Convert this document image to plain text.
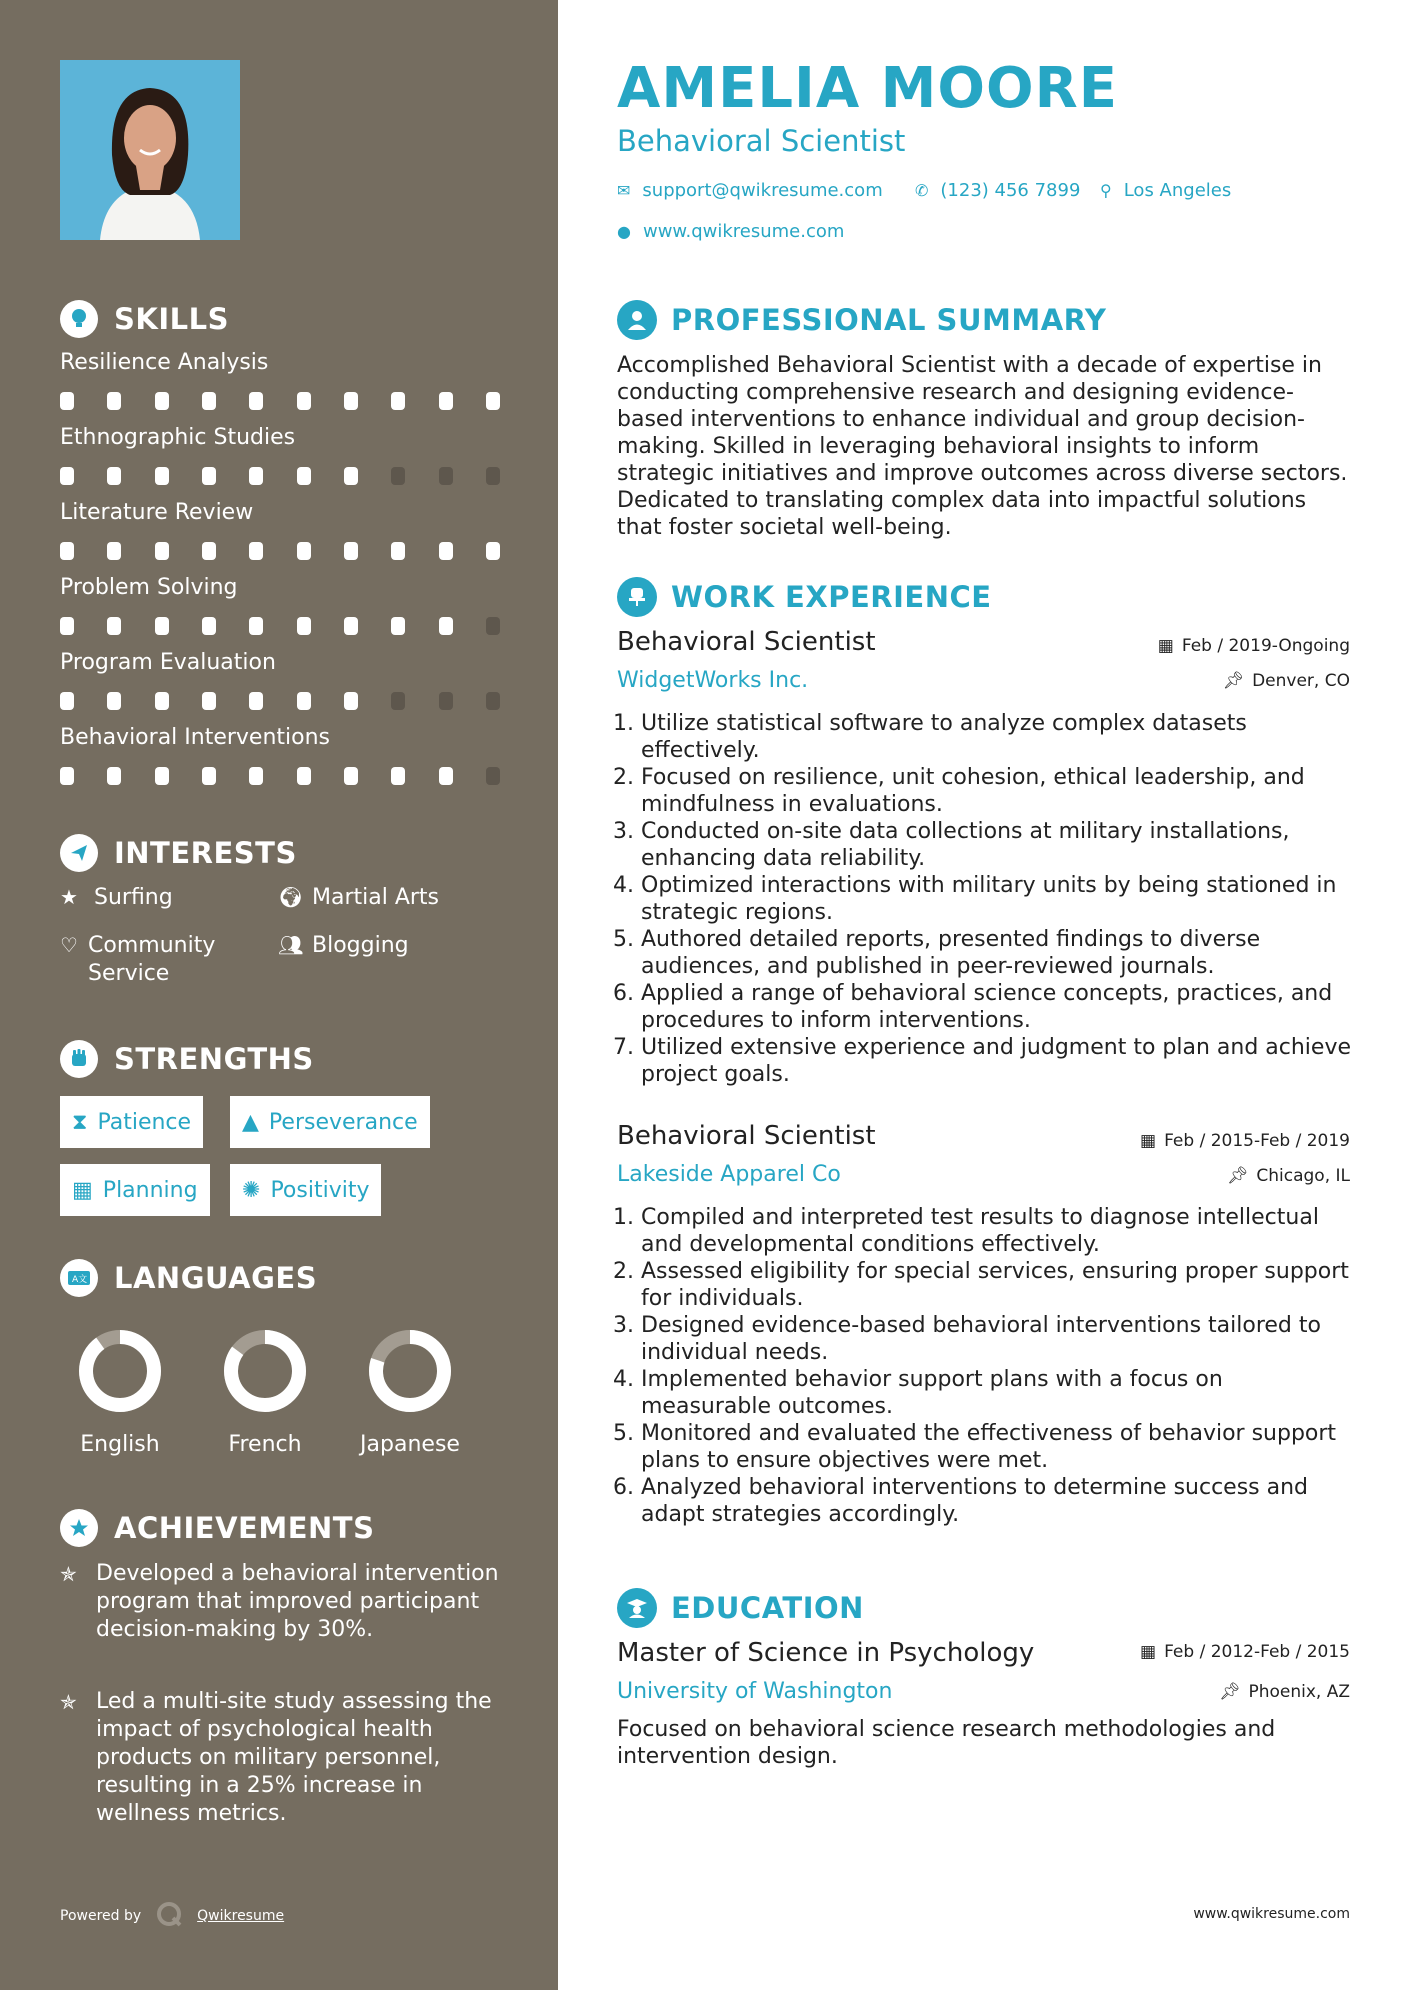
SKILLS
Resilience Analysis
Ethnographic Studies
Literature Review
Problem Solving
Program Evaluation
Behavioral Interventions
INTERESTS
★ Surfing	🌍︎ Martial Arts
♡ Community Service
👥︎ Blogging
STRENGTHS
⧗ Patience ▲ Perseverance
▦ Planning ✺ Positivity
A文 LANGUAGES
English	French	Japanese
ACHIEVEMENTS
✯ Developed a behavioral intervention program that improved participant decision-making by 30%.
✯ Led a multi-site study assessing the impact of psychological health products on military personnel, resulting in a 25% increase in wellness metrics.
Powered by	Qwikresume
AMELIA MOORE
Behavioral Scientist
✉ support@qwikresume.com ✆ (123) 456 7899 ⚲ Los Angeles
● www.qwikresume.com
PROFESSIONAL SUMMARY
Accomplished Behavioral Scientist with a decade of expertise in conducting comprehensive research and designing evidence-based interventions to enhance individual and group decision-making. Skilled in leveraging behavioral insights to inform strategic initiatives and improve outcomes across diverse sectors. Dedicated to translating complex data into impactful solutions that foster societal well-being.
WORK EXPERIENCE
Behavioral Scientist	▦ Feb / 2019-Ongoing
WidgetWorks Inc.	📌︎ Denver, CO
1. Utilize statistical software to analyze complex datasets effectively.
2. Focused on resilience, unit cohesion, ethical leadership, and mindfulness in evaluations.
3. Conducted on-site data collections at military installations, enhancing data reliability.
4. Optimized interactions with military units by being stationed in strategic regions.
5. Authored detailed reports, presented findings to diverse audiences, and published in peer-reviewed journals.
6. Applied a range of behavioral science concepts, practices, and procedures to inform interventions.
7. Utilized extensive experience and judgment to plan and achieve project goals.
Behavioral Scientist	▦ Feb / 2015-Feb / 2019
Lakeside Apparel Co	📌︎ Chicago, IL
1. Compiled and interpreted test results to diagnose intellectual and developmental conditions effectively.
2. Assessed eligibility for special services, ensuring proper support for individuals.
3. Designed evidence-based behavioral interventions tailored to individual needs.
4. Implemented behavior support plans with a focus on measurable outcomes.
5. Monitored and evaluated the effectiveness of behavior support plans to ensure objectives were met.
6. Analyzed behavioral interventions to determine success and adapt strategies accordingly.
EDUCATION
Master of Science in Psychology	▦ Feb / 2012-Feb / 2015
University of Washington	📌︎ Phoenix, AZ
Focused on behavioral science research methodologies and intervention design.
www.qwikresume.com
